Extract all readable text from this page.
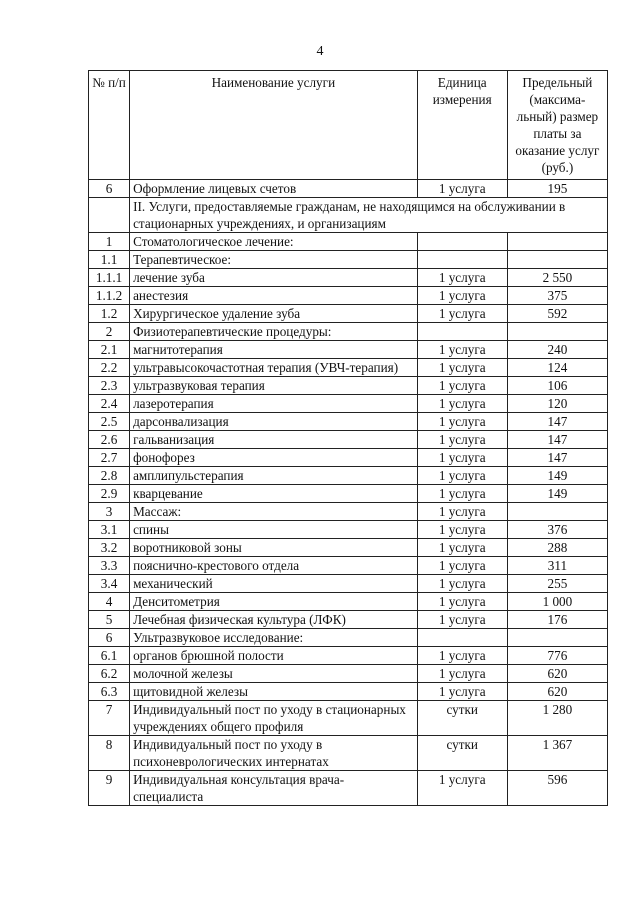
4
№ п/п	Наименование услуги	Единица измерения	Предельный (максима-льный) размер платы за оказание услуг (руб.)
6	Оформление лицевых счетов	1 услуга	195
	II. Услуги, предоставляемые гражданам, не находящимся на обслуживании в стационарных учреждениях, и организациям		
1	Стоматологическое лечение:		
1.1	Терапевтическое:		
1.1.1	лечение зуба	1 услуга	2 550
1.1.2	анестезия	1 услуга	375
1.2	Хирургическое удаление зуба	1 услуга	592
2	Физиотерапевтические процедуры:		
2.1	магнитотерапия	1 услуга	240
2.2	ультравысокочастотная терапия (УВЧ-терапия)	1 услуга	124
2.3	ультразвуковая терапия	1 услуга	106
2.4	лазеротерапия	1 услуга	120
2.5	дарсонвализация	1 услуга	147
2.6	гальванизация	1 услуга	147
2.7	фонофорез	1 услуга	147
2.8	амплипульстерапия	1 услуга	149
2.9	кварцевание	1 услуга	149
3	Массаж:	1 услуга	
3.1	спины	1 услуга	376
3.2	воротниковой зоны	1 услуга	288
3.3	пояснично-крестового отдела	1 услуга	311
3.4	механический	1 услуга	255
4	Денситометрия	1 услуга	1 000
5	Лечебная физическая культура (ЛФК)	1 услуга	176
6	Ультразвуковое исследование:		
6.1	органов брюшной полости	1 услуга	776
6.2	молочной железы	1 услуга	620
6.3	щитовидной железы	1 услуга	620
7	Индивидуальный пост по уходу в стационарных учреждениях общего профиля	сутки	1 280
8	Индивидуальный пост по уходу в психоневрологических интернатах	сутки	1 367
9	Индивидуальная консультация врача-специалиста	1 услуга	596
